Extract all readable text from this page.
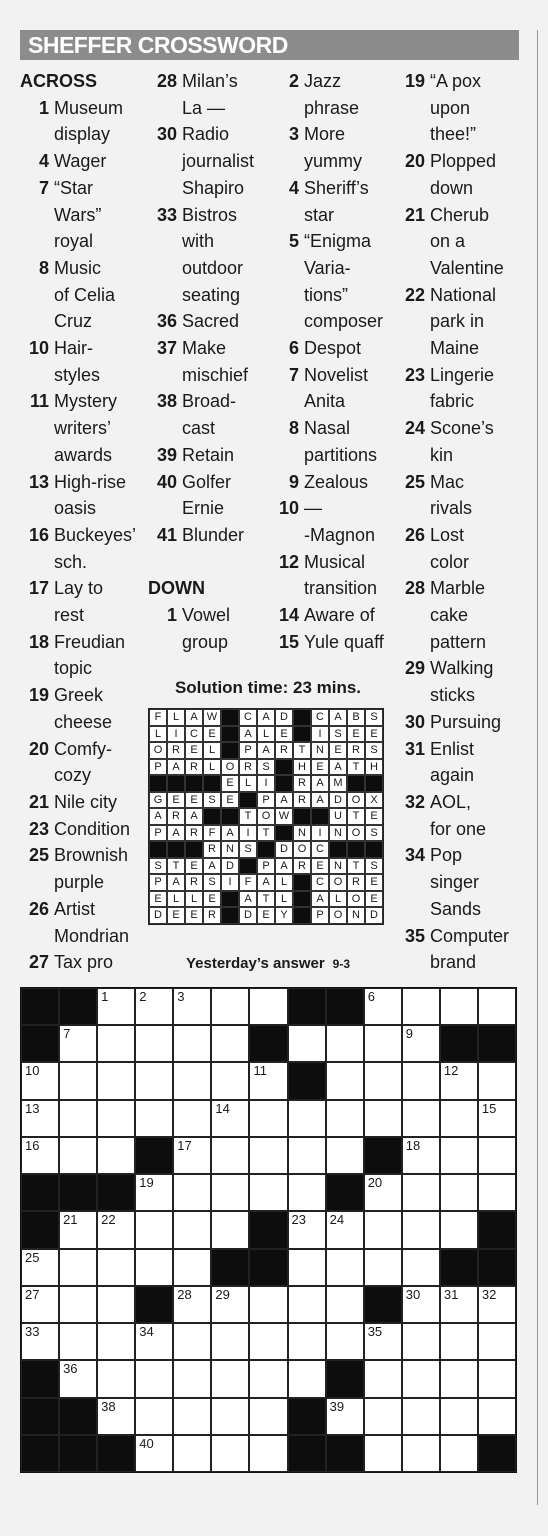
SHEFFER CROSSWORD
ACROSS
1 Museum
display
4 Wager
7 “Star
Wars”
royal
8 Music
of Celia
Cruz
10 Hair-
styles
11 Mystery
writers’
awards
13 High-rise
oasis
16 Buckeyes’
sch.
17 Lay to
rest
18 Freudian
topic
19 Greek
cheese
20 Comfy-
cozy
21 Nile city
23 Condition
25 Brownish
purple
26 Artist
Mondrian
27 Tax pro
28 Milan’s
La —
30 Radio
journalist
Shapiro
33 Bistros
with
outdoor
seating
36 Sacred
37 Make
mischief
38 Broad-
cast
39 Retain
40 Golfer
Ernie
41 Blunder

DOWN
1 Vowel
group
2 Jazz
phrase
3 More
yummy
4 Sheriff’s
star
5 “Enigma
Varia-
tions”
composer
6 Despot
7 Novelist
Anita
8 Nasal
partitions
9 Zealous
10 —
-Magnon
12 Musical
transition
14 Aware of
15 Yule quaff
19 “A pox
upon
thee!”
20 Plopped
down
21 Cherub
on a
Valentine
22 National
park in
Maine
23 Lingerie
fabric
24 Scone’s
kin
25 Mac
rivals
26 Lost
color
28 Marble
cake
pattern
29 Walking
sticks
30 Pursuing
31 Enlist
again
32 AOL,
for one
34 Pop
singer
Sands
35 Computer
brand
Solution time: 23 mins.
F	L	A W	C A D	C A B S
L	I	C E	A	L	E	I	S E E
O R E	L	P A R T N E R S
P A R L O R S	H E A T H
E	L	I	R A M
G E E S E	P A R A D O X
A R A	T O W	U T E
P A R F A	I	T	N	I	N O S
R N S	D O C
S T E A D	P A R E N T S
P A R S	I	F A	L	C O R E
E	L	L	E	A T	L	A	L O E
D E E R	D E Y	P O N D
Yesterday’s answer 9-3
1 2 3	6
7	9
10	11	12
13	14	15
16	17	18
19	20
21 22	23 24
25
27	28 29	30 31 32
33	34	35
36
38	39
40
